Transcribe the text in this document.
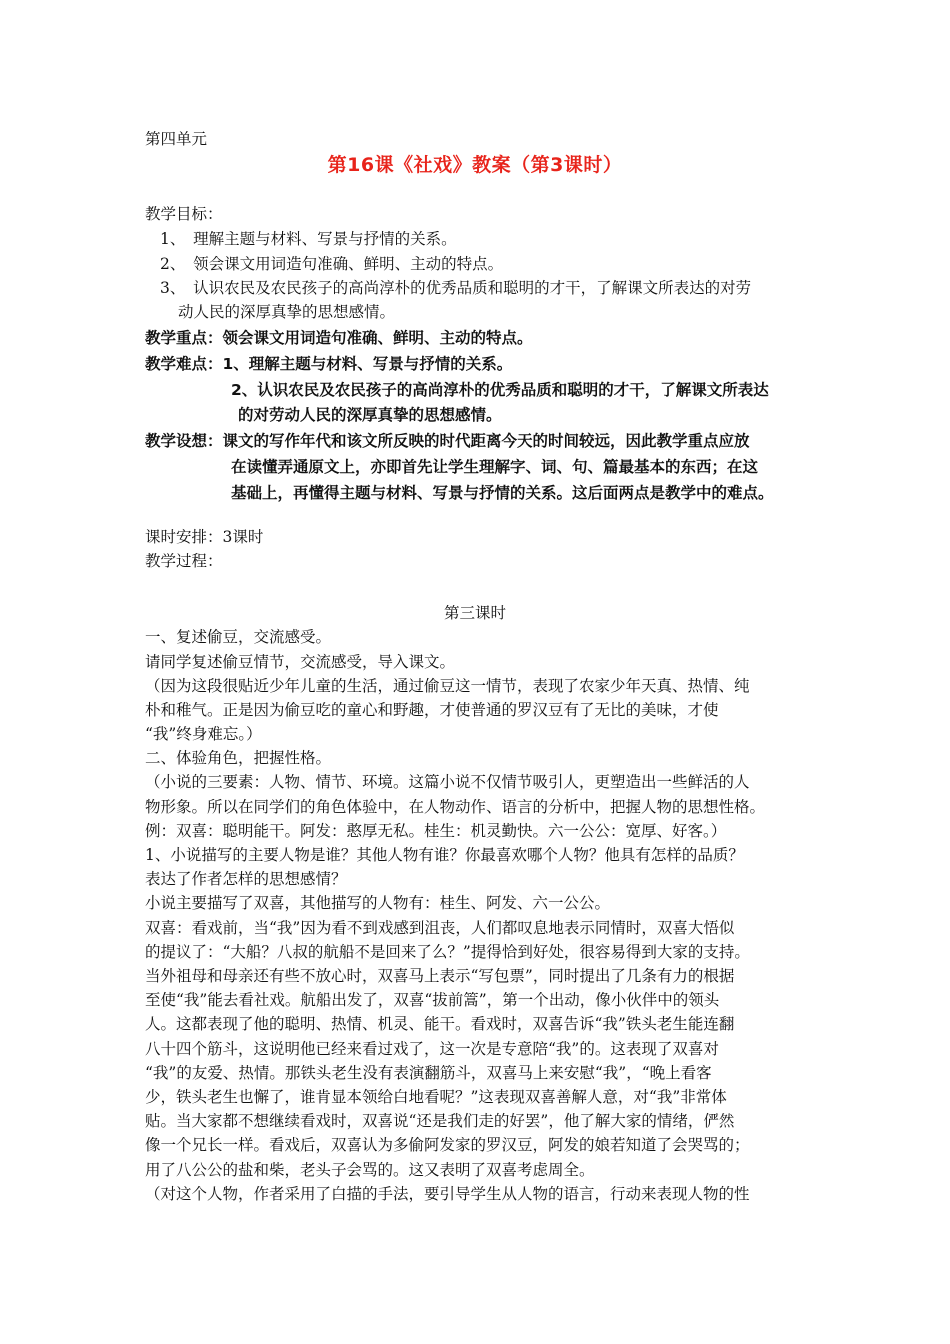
第四单元
第16课《社戏》教案（第3课时）
教学目标：
1、　理解主题与材料、写景与抒情的关系。
2、　领会课文用词造句准确、鲜明、主动的特点。
3、　认识农民及农民孩子的高尚淳朴的优秀品质和聪明的才干，了解课文所表达的对劳
动人民的深厚真挚的思想感情。
教学重点：领会课文用词造句准确、鲜明、主动的特点。
教学难点：1、理解主题与材料、写景与抒情的关系。
2、认识农民及农民孩子的高尚淳朴的优秀品质和聪明的才干，了解课文所表达
的对劳动人民的深厚真挚的思想感情。
教学设想：课文的写作年代和该文所反映的时代距离今天的时间较远，因此教学重点应放
在读懂弄通原文上，亦即首先让学生理解字、词、句、篇最基本的东西；在这
基础上，再懂得主题与材料、写景与抒情的关系。这后面两点是教学中的难点。
课时安排：3课时
教学过程：
第三课时
一、复述偷豆，交流感受。
请同学复述偷豆情节，交流感受，导入课文。
（因为这段很贴近少年儿童的生活，通过偷豆这一情节，表现了农家少年天真、热情、纯
朴和稚气。正是因为偷豆吃的童心和野趣，才使普通的罗汉豆有了无比的美味，才使
“我”终身难忘。）
二、体验角色，把握性格。
（小说的三要素：人物、情节、环境。这篇小说不仅情节吸引人，更塑造出一些鲜活的人
物形象。所以在同学们的角色体验中，在人物动作、语言的分析中，把握人物的思想性格。
例：双喜：聪明能干。阿发：憨厚无私。桂生：机灵勤快。六一公公：宽厚、好客。）
1、小说描写的主要人物是谁？其他人物有谁？你最喜欢哪个人物？他具有怎样的品质？
表达了作者怎样的思想感情？
小说主要描写了双喜，其他描写的人物有：桂生、阿发、六一公公。
双喜：看戏前，当“我”因为看不到戏感到沮丧，人们都叹息地表示同情时，双喜大悟似
的提议了：“大船？八叔的航船不是回来了么？”提得恰到好处，很容易得到大家的支持。
当外祖母和母亲还有些不放心时，双喜马上表示“写包票”，同时提出了几条有力的根据
至使“我”能去看社戏。航船出发了，双喜“拔前篙”，第一个出动，像小伙伴中的领头
人。这都表现了他的聪明、热情、机灵、能干。看戏时，双喜告诉“我”铁头老生能连翻
八十四个筋斗，这说明他已经来看过戏了，这一次是专意陪“我”的。这表现了双喜对
“我”的友爱、热情。那铁头老生没有表演翻筋斗，双喜马上来安慰“我”，“晚上看客
少，铁头老生也懈了，谁肯显本领给白地看呢？”这表现双喜善解人意，对“我”非常体
贴。当大家都不想继续看戏时，双喜说“还是我们走的好罢”，他了解大家的情绪，俨然
像一个兄长一样。看戏后，双喜认为多偷阿发家的罗汉豆，阿发的娘若知道了会哭骂的；
用了八公公的盐和柴，老头子会骂的。这又表明了双喜考虑周全。
（对这个人物，作者采用了白描的手法，要引导学生从人物的语言，行动来表现人物的性
